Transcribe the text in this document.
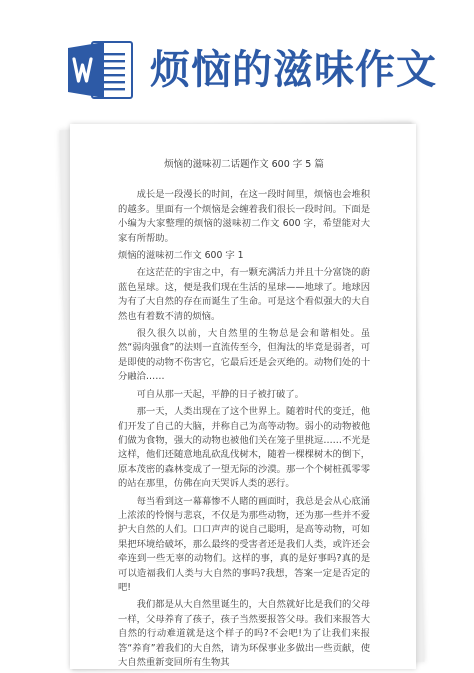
烦恼的滋味作文
烦恼的滋味初二话题作文 600 字 5 篇

成长是一段漫长的时间，在这一段时间里，烦恼也会堆积的越多。里面有一个烦恼是会缠着我们很长一段时间。下面是小编为大家整理的烦恼的滋味初二作文 600 字，希望能对大家有所帮助。

烦恼的滋味初二作文 600 字 1

在这茫茫的宇宙之中，有一颗充满活力并且十分富饶的蔚蓝色星球。这，便是我们现在生活的星球——地球了。地球因为有了大自然的存在而诞生了生命。可是这个看似强大的大自然也有着数不清的烦恼。

很久很久以前，大自然里的生物总是会和谐相处。虽然“弱肉强食”的法则一直流传至今，但淘汰的毕竟是弱者，可是即使的动物不伤害它，它最后还是会灭绝的。动物们处的十分融洽……

可自从那一天起，平静的日子被打破了。

那一天，人类出现在了这个世界上。随着时代的变迁，他们开发了自己的大脑，并称自己为高等动物。弱小的动物被他们做为食物，强大的动物也被他们关在笼子里挑逗……不光是这样，他们还随意地乱砍乱伐树木，随着一棵棵树木的倒下，原本茂密的森林变成了一望无际的沙漠。那一个个树桩孤零零的站在那里，仿佛在向天哭诉人类的恶行。

每当看到这一幕幕惨不人睹的画面时，我总是会从心底涌上浓浓的怜悯与悲哀，不仅是为那些动物，还为那一些并不爱护大自然的人们。口口声声的说自己聪明，是高等动物，可如果把环境给破坏，那么最终的受害者还是我们人类，或许还会牵连到一些无辜的动物们。这样的事，真的是好事吗?真的是可以造福我们人类与大自然的事吗?我想，答案一定是否定的吧!

我们都是从大自然里诞生的，大自然就好比是我们的父母一样，父母养育了孩子，孩子当然要报答父母。我们来报答大自然的行动难道就是这个样子的吗?不会吧!为了让我们来报答“养育”着我们的大自然，请为环保事业多做出一些贡献，使大自然重新变回所有生物其
